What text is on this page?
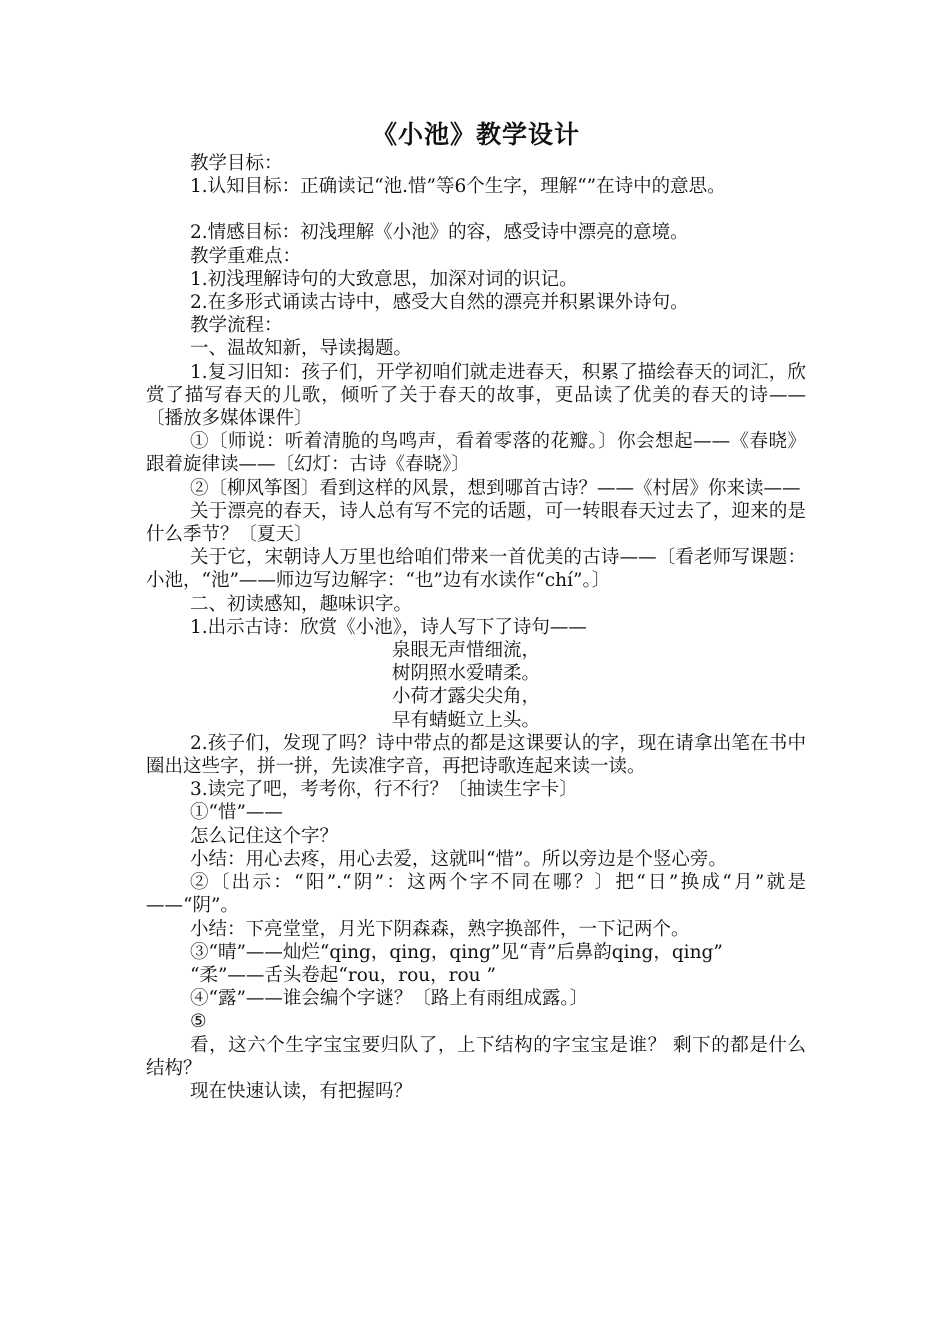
《小池》教学设计

教学目标：

1.认知目标：正确读记“池.惜”等6个生字，理解“”在诗中的意思。

2.情感目标：初浅理解《小池》的容，感受诗中漂亮的意境。

教学重难点：

1.初浅理解诗句的大致意思，加深对词的识记。

2.在多形式诵读古诗中，感受大自然的漂亮并积累课外诗句。

教学流程：

一、温故知新，导读揭题。

1.复习旧知：孩子们，开学初咱们就走进春天，积累了描绘春天的词汇，欣赏了描写春天的儿歌，倾听了关于春天的故事，更品读了优美的春天的诗——〔播放多媒体课件〕

①〔师说：听着清脆的鸟鸣声，看着零落的花瓣。〕你会想起——《春晓》跟着旋律读——〔幻灯：古诗《春晓》〕

②〔柳风筝图〕看到这样的风景，想到哪首古诗？——《村居》你来读——

关于漂亮的春天，诗人总有写不完的话题，可一转眼春天过去了，迎来的是什么季节？〔夏天〕

关于它，宋朝诗人万里也给咱们带来一首优美的古诗——〔看老师写课题：小池，“池”——师边写边解字：“也”边有水读作“chí”。〕

二、初读感知，趣味识字。

1.出示古诗：欣赏《小池》，诗人写下了诗句——

泉眼无声惜细流，

树阴照水爱晴柔。

小荷才露尖尖角，

早有蜻蜓立上头。

2.孩子们，发现了吗？诗中带点的都是这课要认的字，现在请拿出笔在书中圈出这些字，拼一拼，先读准字音，再把诗歌连起来读一读。

3.读完了吧，考考你，行不行？〔抽读生字卡〕

①“惜”——

怎么记住这个字？

小结：用心去疼，用心去爱，这就叫“惜”。所以旁边是个竖心旁。

②〔出示：“阳”.“阴”：这两个字不同在哪？〕把“日”换成“月”就是——“阴”。

小结：下亮堂堂，月光下阴森森，熟字换部件，一下记两个。

③“晴”——灿烂“qing，qing，qing”见“青”后鼻韵qing，qing”

“柔”——舌头卷起“rou，rou，rou ”

④“露”——谁会编个字谜？〔路上有雨组成露。〕

⑤

看，这六个生字宝宝要归队了，上下结构的字宝宝是谁？ 剩下的都是什么结构？

现在快速认读，有把握吗？
